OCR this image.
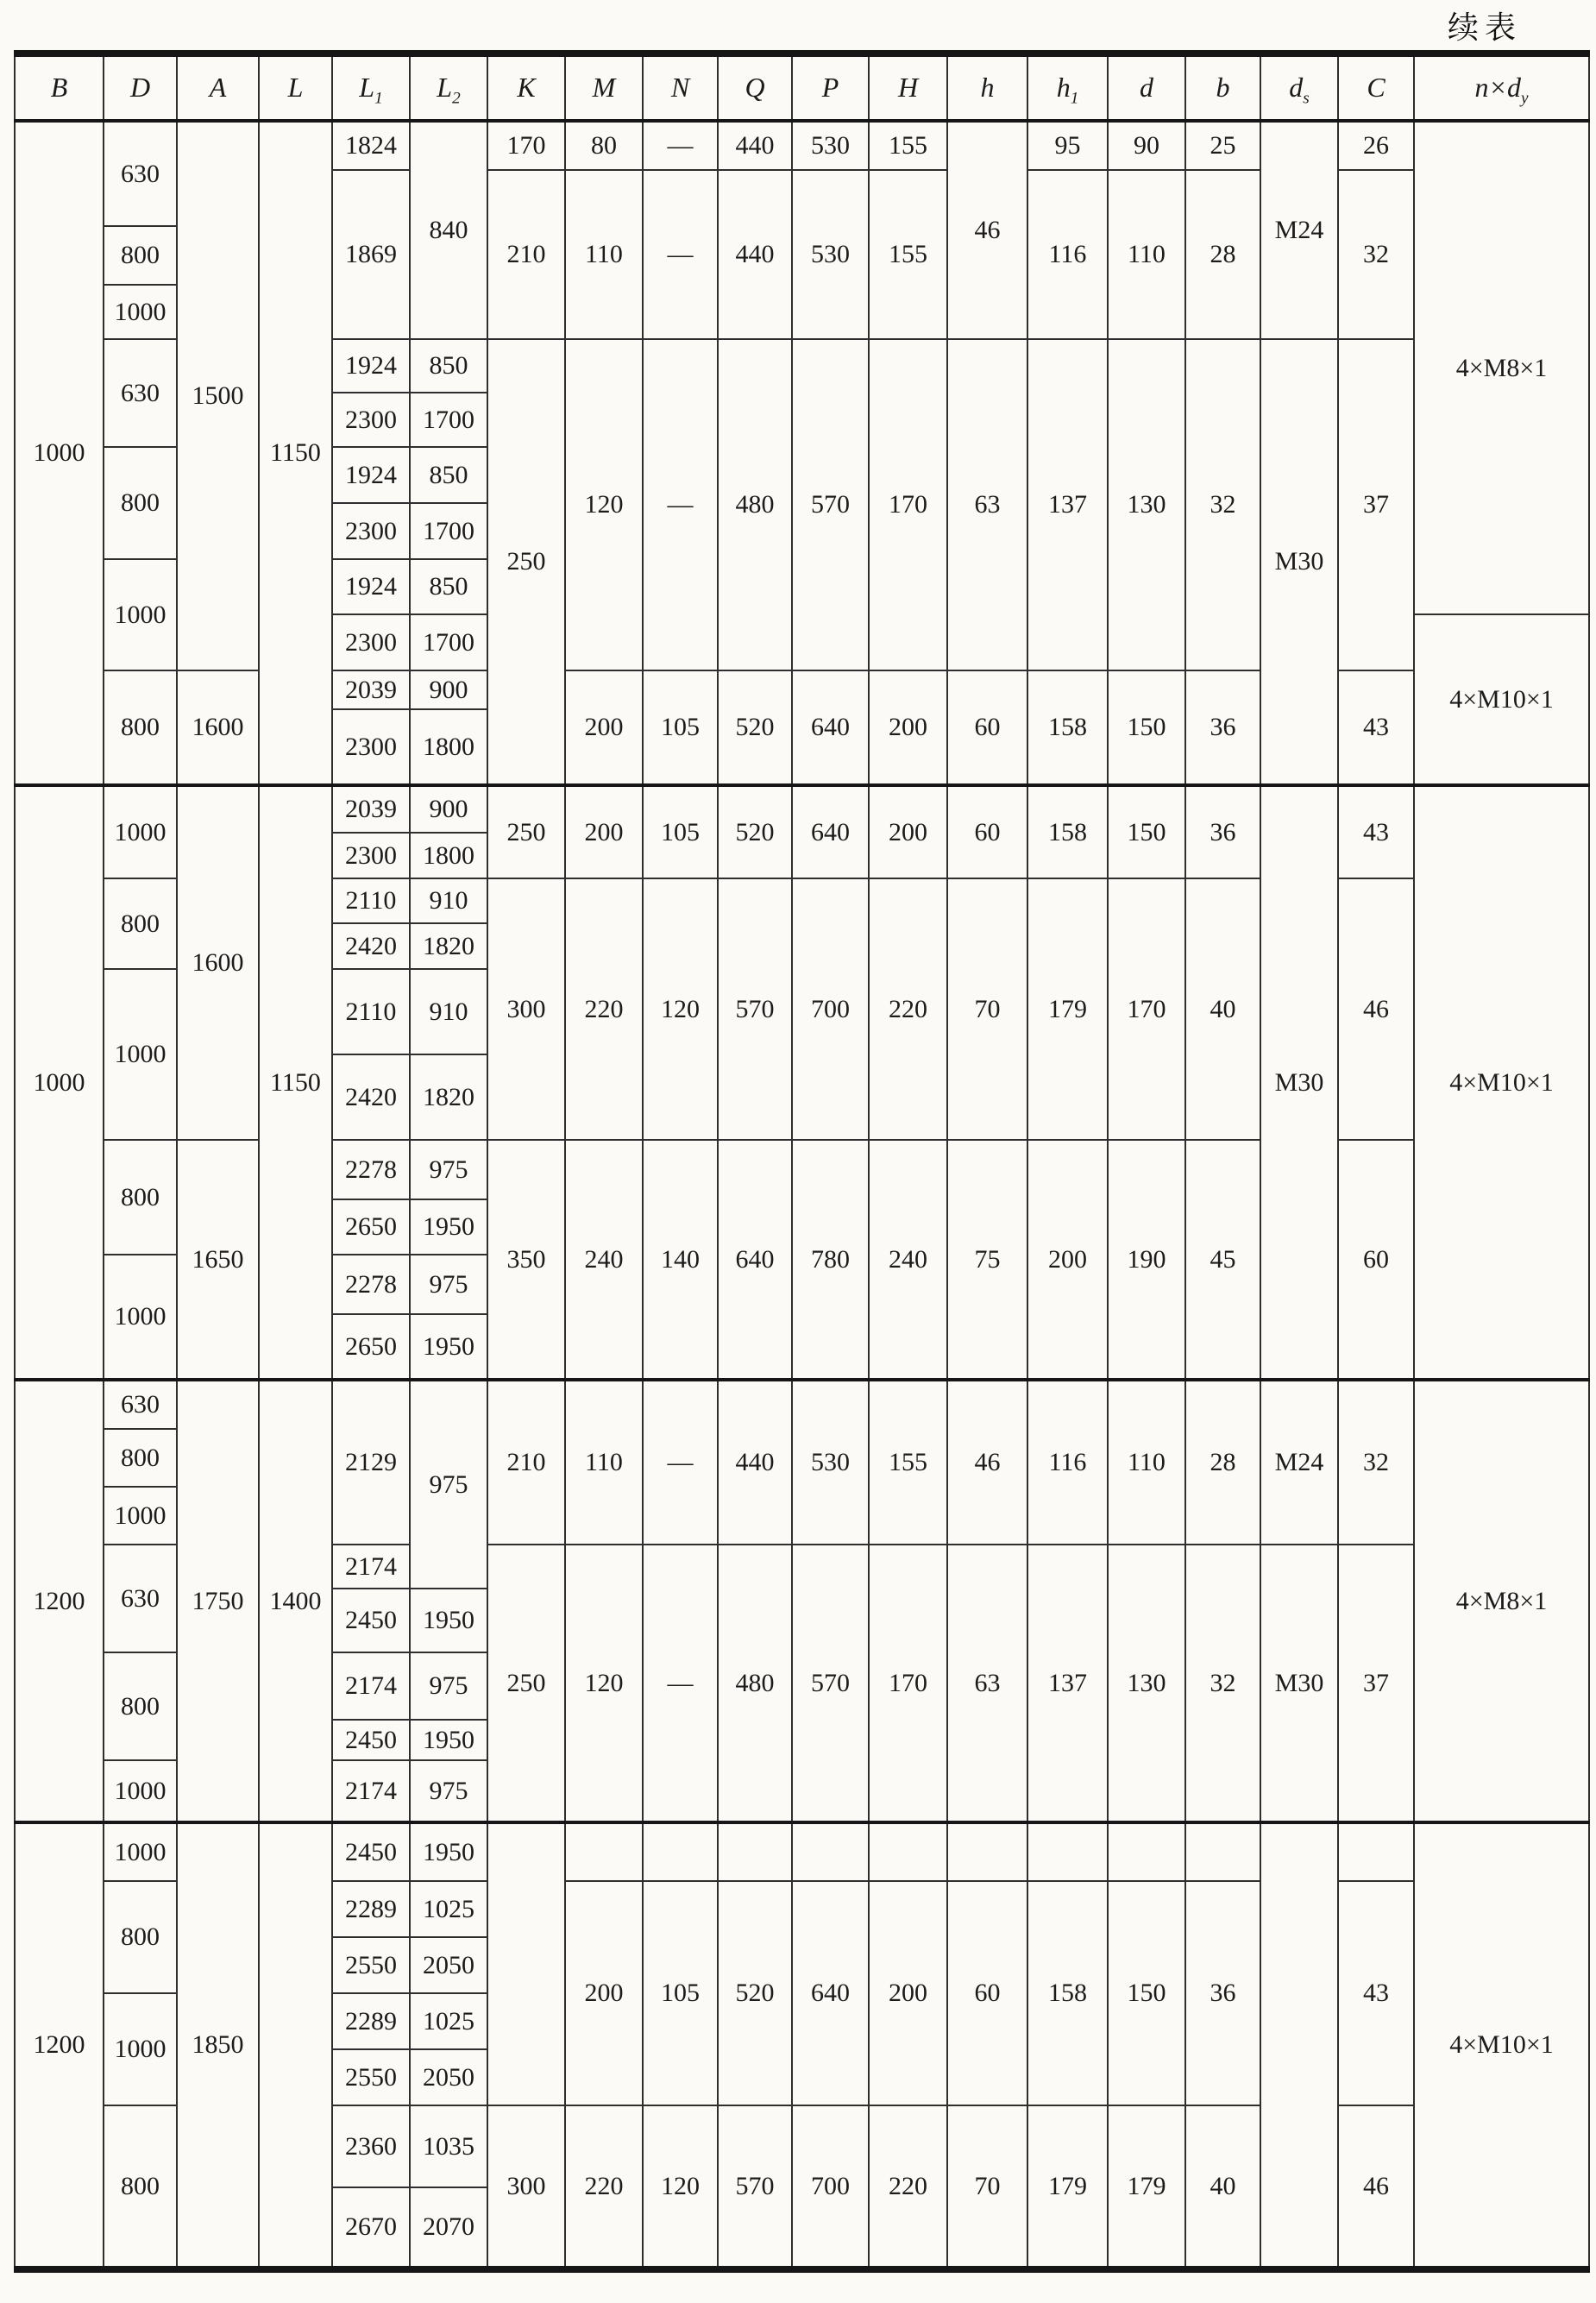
续表
B	D	A	L	$L_1$	$L_2$	K	M	N	Q	P	H	h	$h_1$	d	b	$d_s$	C	$n\times d_y$
1000	630	1500	1150	1824	840	170	80	—	440	530	155	46	95	90	25	M24	26	4×M8×1
				1869		210	110	—	440	530	155		116	110	28		32	
	800																	
	1000																	
	630			1924	850	250	120	—	480	570	170	63	137	130	32	M30	37	
				2300	1700													
	800			1924	850													
				2300	1700													
	1000			1924	850													
				2300	1700													4×M10×1
	800	1600		2039	900		200	105	520	640	200	60	158	150	36		43	
				2300	1800													
1000	1000	1600	1150	2039	900	250	200	105	520	640	200	60	158	150	36	M30	43	4×M10×1
				2300	1800													
	800			2110	910	300	220	120	570	700	220	70	179	170	40		46	
				2420	1820													
	1000			2110	910													
				2420	1820													
	800	1650		2278	975	350	240	140	640	780	240	75	200	190	45		60	
				2650	1950													
	1000			2278	975													
				2650	1950													
1200	630	1750	1400	2129	975	210	110	—	440	530	155	46	116	110	28	M24	32	4×M8×1
	800																	
	1000																	
	630			2174		250	120	—	480	570	170	63	137	130	32	M30	37	
				2450	1950													
	800			2174	975													
				2450	1950													
	1000			2174	975													
1200	1000	1850		2450	1950													4×M10×1
	800			2289	1025		200	105	520	640	200	60	158	150	36		43	
				2550	2050													
	1000			2289	1025													
				2550	2050													
	800			2360	1035	300	220	120	570	700	220	70	179	179	40		46	
				2670	2070													
